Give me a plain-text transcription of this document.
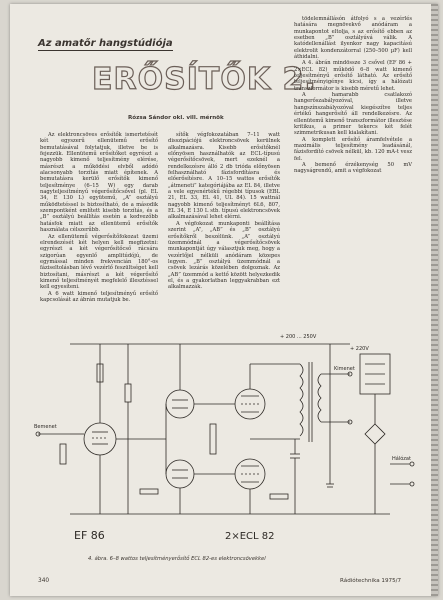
Az amatőr hangstúdiója
ERŐSÍTŐK 2.
Rózsa Sándor okl. vill. mérnök

Az elektroncsöves erősítők ismertetését két egyszerű ellenütemű erősítő bemutatásával folytatjuk, illetve be is fejezzük. Ellenütemű erősítőket egyrészt a nagyobb kimenő teljesítmény elérése, másrészt a működési elvből adódó alacsonyabb torzítás miatt építenek. A bemutatásra kerülő erősítők kimenő teljesítménye (6–15 W) egy darab nagyteljesítményű végerősítőcsővel (pl. EL 34, E 130 L) együtemű, „A” osztályú működtetéssel is biztosítható, de a második szempontként említett kisebb torzítás, és a „B” osztályú beállítás esetén a kedvezőbb hatásfok miatt az ellenütemű erősítők használata célszerűbb.

Az ellenütemű végerősítőfokozat üzemi elrendezését két helyen kell megfizetni: egyrészt a két végerősítőcső rácsára szigorúan egyenlő amplitúdójú, de egymással minden frekvencián 180°-os fáziseltolásban lévő vezérlő feszültséget kell biztosítani, másrészt a két végerősítő kimenő teljesítményét megfelelő illesztéssel kell egyesíteni.

A 6 watt kimenő teljesítményű erősítő kapcsolását az ábrán mutatjuk be.

sítők végfokozatában 7–11 watt disszipációjú elektroncsövek kerülnek alkalmazásra. Kisebb erősítőknél előnyösen használhatók az ECL-típusú végerősítőcsövek, mert ezeknél a rendelkezésre álló 2 db trióda előnyösen felhasználható fázisfordításra és előerősítésre. A 10–15 wattos erősítők „átmeneti” kategóriájába az EL 84, illetve a vele egyenértékű régebbi típusok (EBL 21, EL 33, EL 41, UL 84). 15 wattnál nagyobb kimenő teljesítményt 6L6, 807, EL 34, E 130 L stb. típusú elektroncsövek alkalmazásával lehet elérni.

A végfokozat munkaponti beállítása szerint „A”, „AB” és „B” osztályú erősítőkről beszélünk. „A” osztályú üzemmódnál a végerősítőcsövek munkapontját úgy választjuk meg, hogy a vezérlőjel nélküli anódáram közepes legyen. „B” osztályú üzemmódnál a csövek lezárás közelében dolgoznak. Az „AB” üzemmód a kettő között helyezkedik el, és a gyakorlatban leggyakrabban ezt alkalmazzák.

tödelemnállásón átfolyó s a vezérlés hatására megnövekvő anódáram a munkapontot eltolja, s az erősítő ebben az esetben „B” osztályúvá válik. A katódellenállást ilyenkor nagy kapacitású elektrolit kondenzátorral (250–500 µF) kell áthidalni.

A 4. ábrán mindössze 3 csővel (EF 86 + 2×ECL 82) működő 6–8 watt kimenő teljesítményű erősítő látható. Az erősítő teljesítményigénye kicsi, így a hálózati transzformátor is kisebb méretű lehet.

A hamarabb csatlakozó hangerőszabályozóval, illetve hangszínszabályozóval kiegészítve teljes értékű hangerősítő áll rendelkezésre. Az ellenütemű kimenő transzformátor illesztése kritikus, a primer tekercs két felét szimmetrikusan kell kialakítani.

A komplett erősítő áramfelvétele a maximális teljesítmény leadásánál, fázisfordító csövek nélkül, kb. 120 mA-t vesz fel.

A bemenő érzékenység 50 mV nagyságrendű, amit a végfokozat

Bemenet
Kimenet
EF 86	2×ECL 82
+ 200 ... 250V
+ 220V
Hálózat
4. ábra. 6–8 wattos teljesítményerősítő ECL 82-es elektroncsövekkel
340	Rádiótechnika 1975/7
